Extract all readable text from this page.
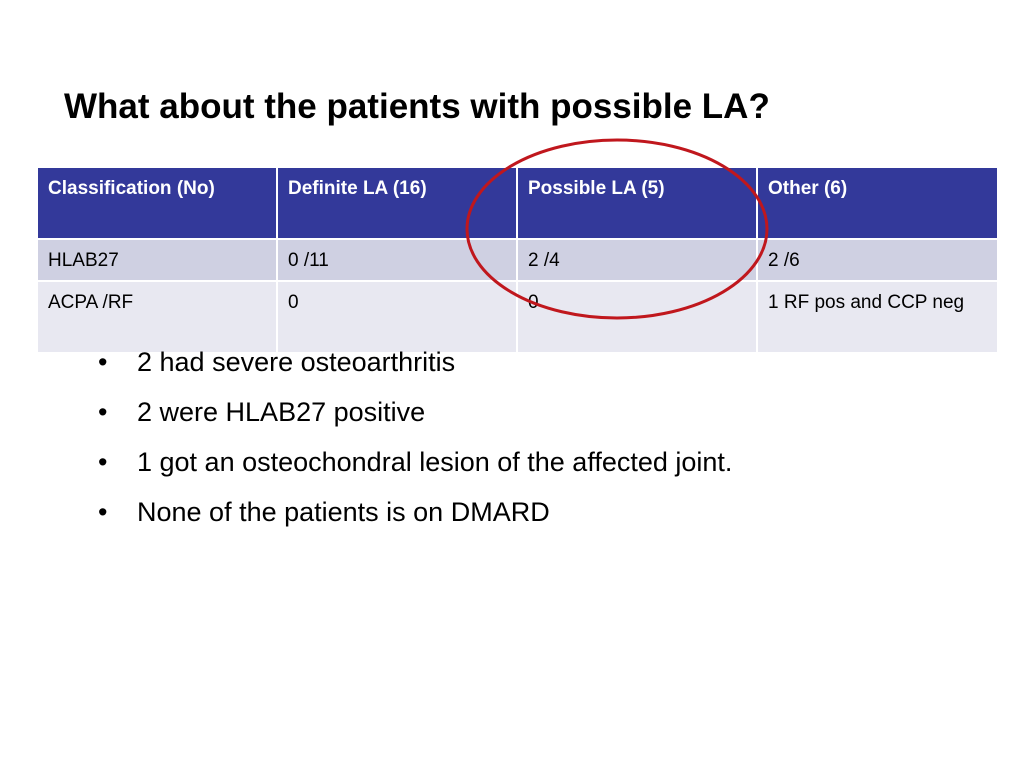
What about the patients with possible LA?
Classification (No)	Definite LA (16)	Possible LA (5)	Other (6)
HLAB27	0 /11	2 /4	2 /6
ACPA /RF	0	0	1 RF pos and CCP neg
• 2 had severe osteoarthritis
• 2 were HLAB27 positive
• 1 got an osteochondral lesion of the affected joint.
• None of the patients is on DMARD
